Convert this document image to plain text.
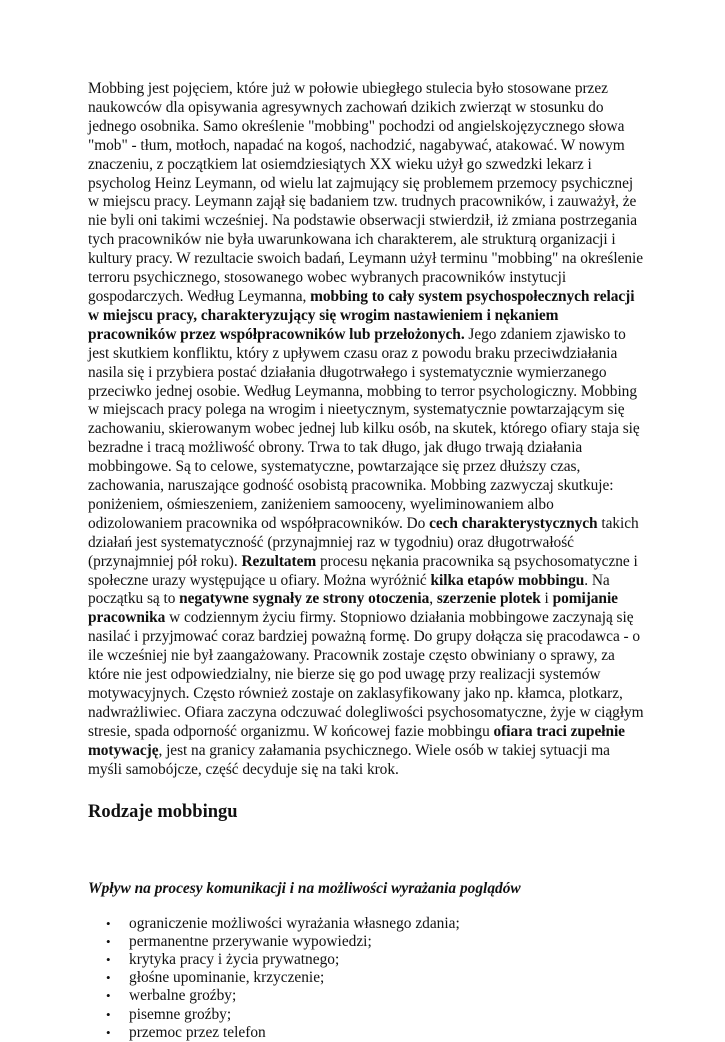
Mobbing jest pojęciem, które już w połowie ubiegłego stulecia było stosowane przez naukowców dla opisywania agresywnych zachowań dzikich zwierząt w stosunku do jednego osobnika. Samo określenie "mobbing" pochodzi od angielskojęzycznego słowa "mob" - tłum, motłoch, napadać na kogoś, nachodzić, nagabywać, atakować. W nowym znaczeniu, z początkiem lat osiemdziesiątych XX wieku użył go szwedzki lekarz i psycholog Heinz Leymann, od wielu lat zajmujący się problemem przemocy psychicznej w miejscu pracy. Leymann zajął się badaniem tzw. trudnych pracowników, i zauważył, że nie byli oni takimi wcześniej. Na podstawie obserwacji stwierdził, iż zmiana postrzegania tych pracowników nie była uwarunkowana ich charakterem, ale strukturą organizacji i kultury pracy. W rezultacie swoich badań, Leymann użył terminu "mobbing" na określenie terroru psychicznego, stosowanego wobec wybranych pracowników instytucji gospodarczych. Według Leymanna, mobbing to cały system psychospołecznych relacji w miejscu pracy, charakteryzujący się wrogim nastawieniem i nękaniem pracowników przez współpracowników lub przełożonych. Jego zdaniem zjawisko to jest skutkiem konfliktu, który z upływem czasu oraz z powodu braku przeciwdziałania nasila się i przybiera postać działania długotrwałego i systematycznie wymierzanego przeciwko jednej osobie. Według Leymanna, mobbing to terror psychologiczny. Mobbing w miejscach pracy polega na wrogim i nieetycznym, systematycznie powtarzającym się zachowaniu, skierowanym wobec jednej lub kilku osób, na skutek, którego ofiary staja się bezradne i tracą możliwość obrony. Trwa to tak długo, jak długo trwają działania mobbingowe. Są to celowe, systematyczne, powtarzające się przez dłuższy czas, zachowania, naruszające godność osobistą pracownika. Mobbing zazwyczaj skutkuje: poniżeniem, ośmieszeniem, zaniżeniem samooceny, wyeliminowaniem albo odizolowaniem pracownika od współpracowników. Do cech charakterystycznych takich działań jest systematyczność (przynajmniej raz w tygodniu) oraz długotrwałość (przynajmniej pół roku). Rezultatem procesu nękania pracownika są psychosomatyczne i społeczne urazy występujące u ofiary. Można wyróżnić kilka etapów mobbingu. Na początku są to negatywne sygnały ze strony otoczenia, szerzenie plotek i pomijanie pracownika w codziennym życiu firmy. Stopniowo działania mobbingowe zaczynają się nasilać i przyjmować coraz bardziej poważną formę. Do grupy dołącza się pracodawca - o ile wcześniej nie był zaangażowany. Pracownik zostaje często obwiniany o sprawy, za które nie jest odpowiedzialny, nie bierze się go pod uwagę przy realizacji systemów motywacyjnych. Często również zostaje on zaklasyfikowany jako np. kłamca, plotkarz, nadwrażliwiec. Ofiara zaczyna odczuwać dolegliwości psychosomatyczne, żyje w ciągłym stresie, spada odporność organizmu. W końcowej fazie mobbingu ofiara traci zupełnie motywację, jest na granicy załamania psychicznego. Wiele osób w takiej sytuacji ma myśli samobójcze, część decyduje się na taki krok.

Rodzaje mobbingu
Wpływ na procesy komunikacji i na możliwości wyrażania poglądów
• ograniczenie możliwości wyrażania własnego zdania;
• permanentne przerywanie wypowiedzi;
• krytyka pracy i życia prywatnego;
• głośne upominanie, krzyczenie;
• werbalne groźby;
• pisemne groźby;
• przemoc przez telefon
